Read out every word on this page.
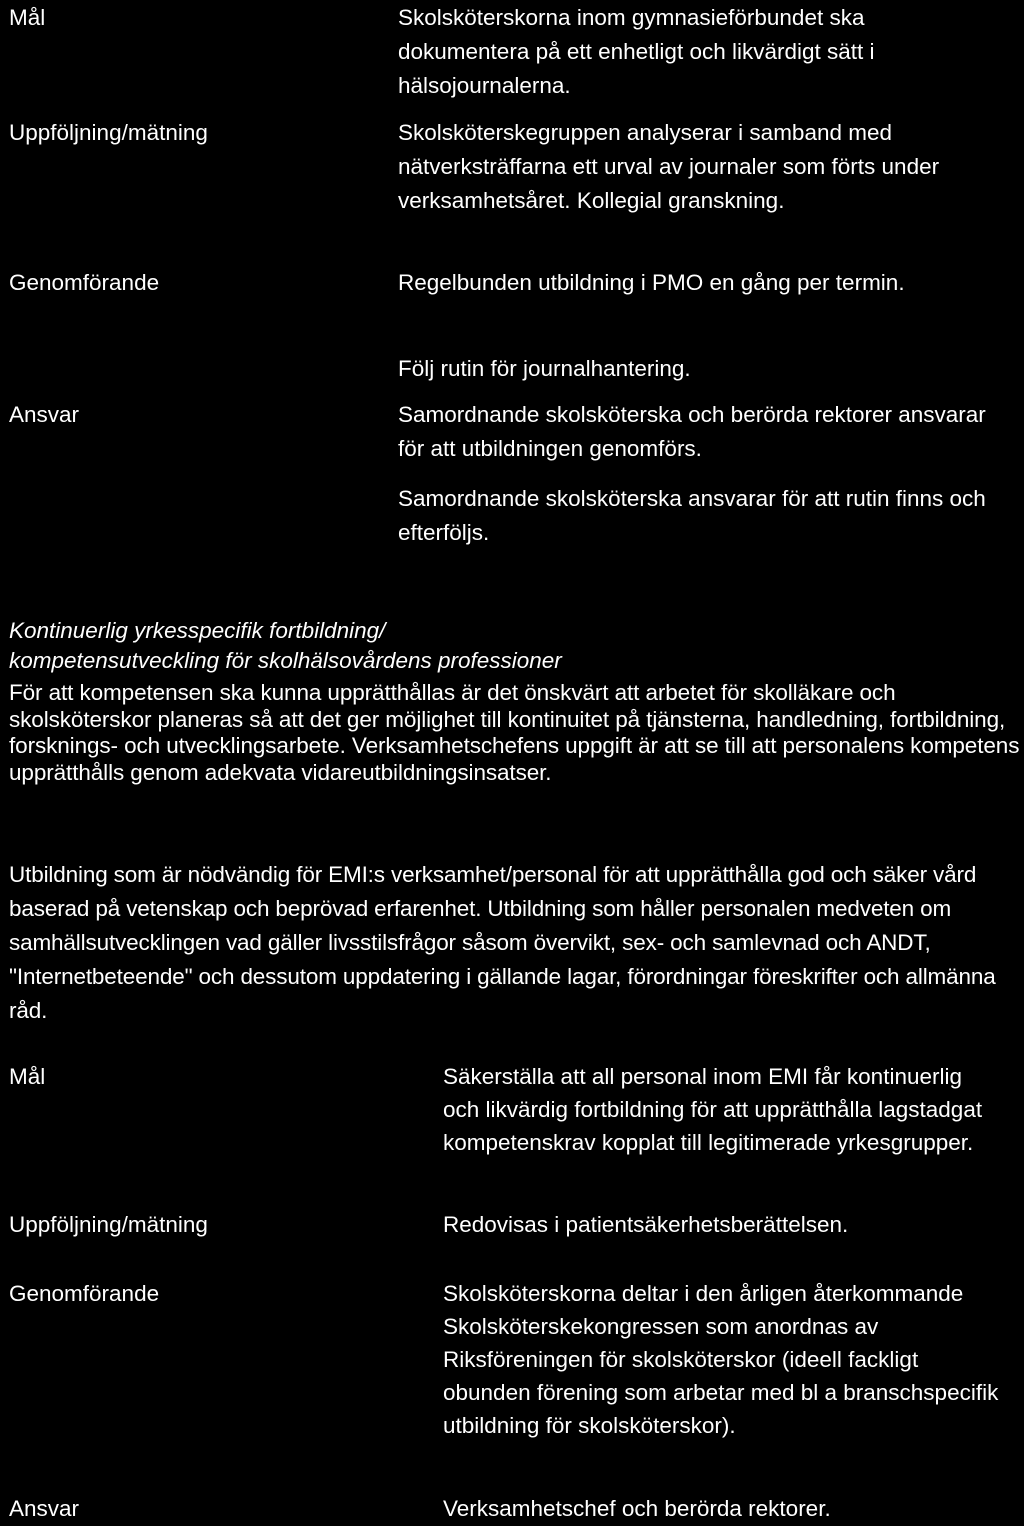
Mål	Skolsköterskorna inom gymnasieförbundet ska dokumentera på ett enhetligt och likvärdigt sätt i hälsojournalerna.
Uppföljning/mätning	Skolsköterskegruppen analyserar i samband med nätverksträffarna ett urval av journaler som förts under verksamhetsåret. Kollegial granskning.
Genomförande	Regelbunden utbildning i PMO en gång per termin.
Följ rutin för journalhantering.
Ansvar	Samordnande skolsköterska och berörda rektorer ansvarar för att utbildningen genomförs.
Samordnande skolsköterska ansvarar för att rutin finns och efterföljs.
Kontinuerlig yrkesspecifik fortbildning/
kompetensutveckling för skolhälsovårdens professioner

För att kompetensen ska kunna upprätthållas är det önskvärt att arbetet för skolläkare och skolsköterskor planeras så att det ger möjlighet till kontinuitet på tjänsterna, handledning, fortbildning, forsknings- och utvecklingsarbete. Verksamhetschefens uppgift är att se till att personalens kompetens upprätthålls genom adekvata vidareutbildningsinsatser.

Utbildning som är nödvändig för EMI:s verksamhet/personal för att upprätthålla god och säker vård baserad på vetenskap och beprövad erfarenhet. Utbildning som håller personalen medveten om samhällsutvecklingen vad gäller livsstilsfrågor såsom övervikt, sex- och samlevnad och ANDT, "Internetbeteende" och dessutom uppdatering i gällande lagar, förordningar föreskrifter och allmänna råd.

Mål	Säkerställa att all personal inom EMI får kontinuerlig och likvärdig fortbildning för att upprätthålla lagstadgat kompetenskrav kopplat till legitimerade yrkesgrupper.
Uppföljning/mätning	Redovisas i patientsäkerhetsberättelsen.
Genomförande	Skolsköterskorna deltar i den årligen återkommande Skolsköterskekongressen som anordnas av Riksföreningen för skolsköterskor (ideell fackligt obunden förening som arbetar med bl a branschspecifik utbildning för skolsköterskor).
Ansvar	Verksamhetschef och berörda rektorer.
